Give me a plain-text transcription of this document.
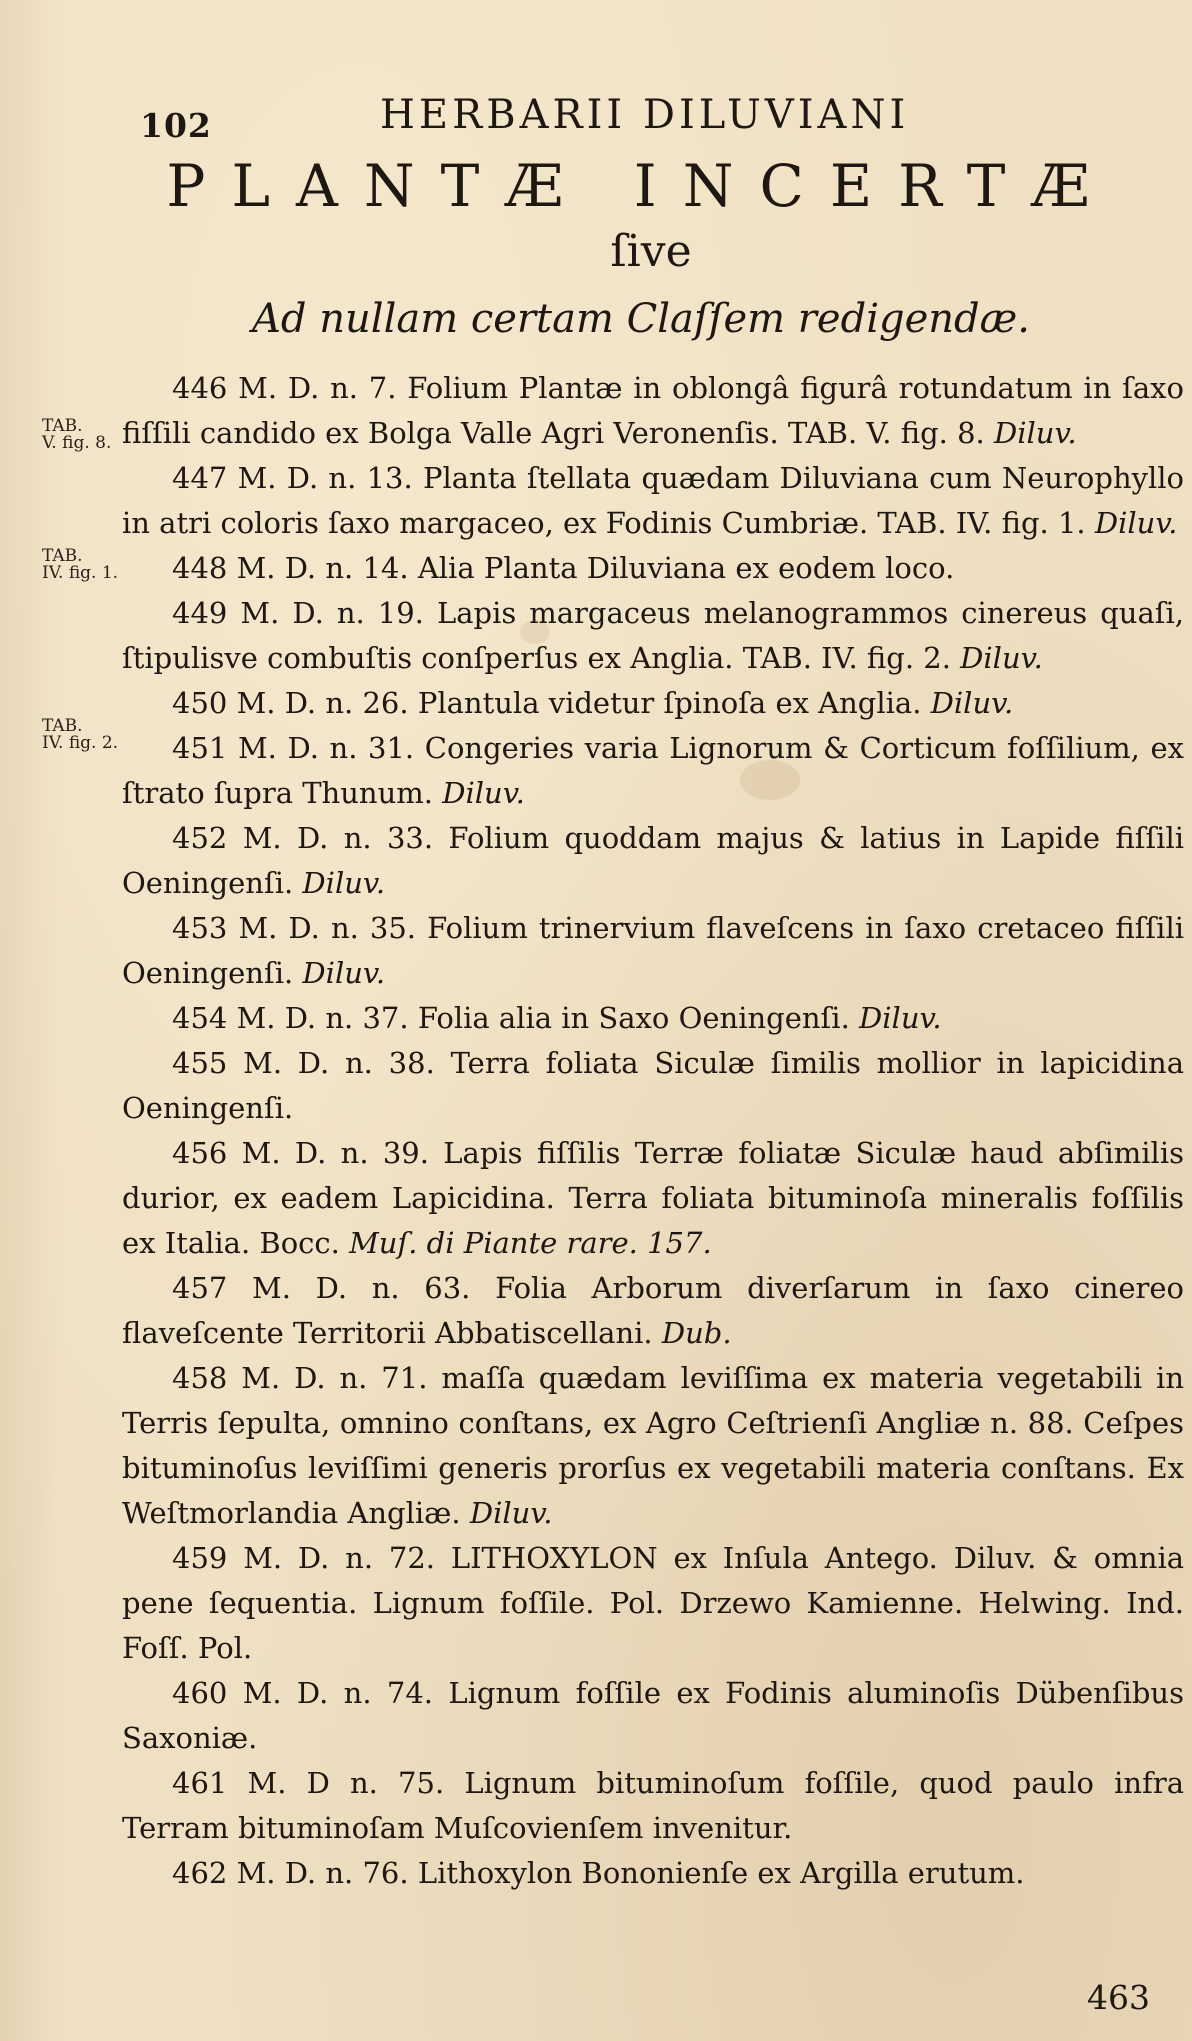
102	HERBARII DILUVIANI
PLANTÆ INCERTÆ
ſive
Ad nullam certam Claſſem redigendæ.
TAB.
V. fig. 8.
TAB.
IV. fig. 1.
TAB.
IV. fig. 2.

446 M. D. n. 7. Folium Plantæ in oblongâ figurâ rotundatum in ſaxo fiſſili candido ex Bolga Valle Agri Veronenſis. TAB. V. fig. 8. Diluv.

447 M. D. n. 13. Planta ſtellata quædam Diluviana cum Neurophyllo in atri coloris ſaxo margaceo, ex Fodinis Cumbriæ. TAB. IV. fig. 1. Diluv.

448 M. D. n. 14. Alia Planta Diluviana ex eodem loco.

449 M. D. n. 19. Lapis margaceus melanogrammos cinereus quaſi, ſtipulisve combuſtis conſperſus ex Anglia. TAB. IV. fig. 2. Diluv.

450 M. D. n. 26. Plantula videtur ſpinoſa ex Anglia. Diluv.

451 M. D. n. 31. Congeries varia Lignorum & Corticum foſſilium, ex ſtrato ſupra Thunum. Diluv.

452 M. D. n. 33. Folium quoddam majus & latius in Lapide fiſſili Oeningenſi. Diluv.

453 M. D. n. 35. Folium trinervium flaveſcens in ſaxo cretaceo fiſſili Oeningenſi. Diluv.

454 M. D. n. 37. Folia alia in Saxo Oeningenſi. Diluv.

455 M. D. n. 38. Terra foliata Siculæ ſimilis mollior in lapicidina Oeningenſi.

456 M. D. n. 39. Lapis fiſſilis Terræ foliatæ Siculæ haud abſimilis durior, ex eadem Lapicidina. Terra foliata bituminoſa mineralis foſſilis ex Italia. Bocc. Muſ. di Piante rare. 157.

457 M. D. n. 63. Folia Arborum diverſarum in ſaxo cinereo flaveſcente Territorii Abbatiscellani. Dub.

458 M. D. n. 71. maſſa quædam leviſſima ex materia vegetabili in Terris ſepulta, omnino conſtans, ex Agro Ceſtrienſi Angliæ n. 88. Ceſpes bituminoſus leviſſimi generis prorſus ex vegetabili materia conſtans. Ex Weſtmorlandia Angliæ. Diluv.

459 M. D. n. 72. LITHOXYLON ex Inſula Antego. Diluv. & omnia pene ſequentia. Lignum foſſile. Pol. Drzewo Kamienne. Helwing. Ind. Foſſ. Pol.

460 M. D. n. 74. Lignum foſſile ex Fodinis aluminoſis Dübenſibus Saxoniæ.

461 M. D n. 75. Lignum bituminoſum foſſile, quod paulo infra Terram bituminoſam Muſcovienſem invenitur.

462 M. D. n. 76. Lithoxylon Bononienſe ex Argilla erutum.

463
